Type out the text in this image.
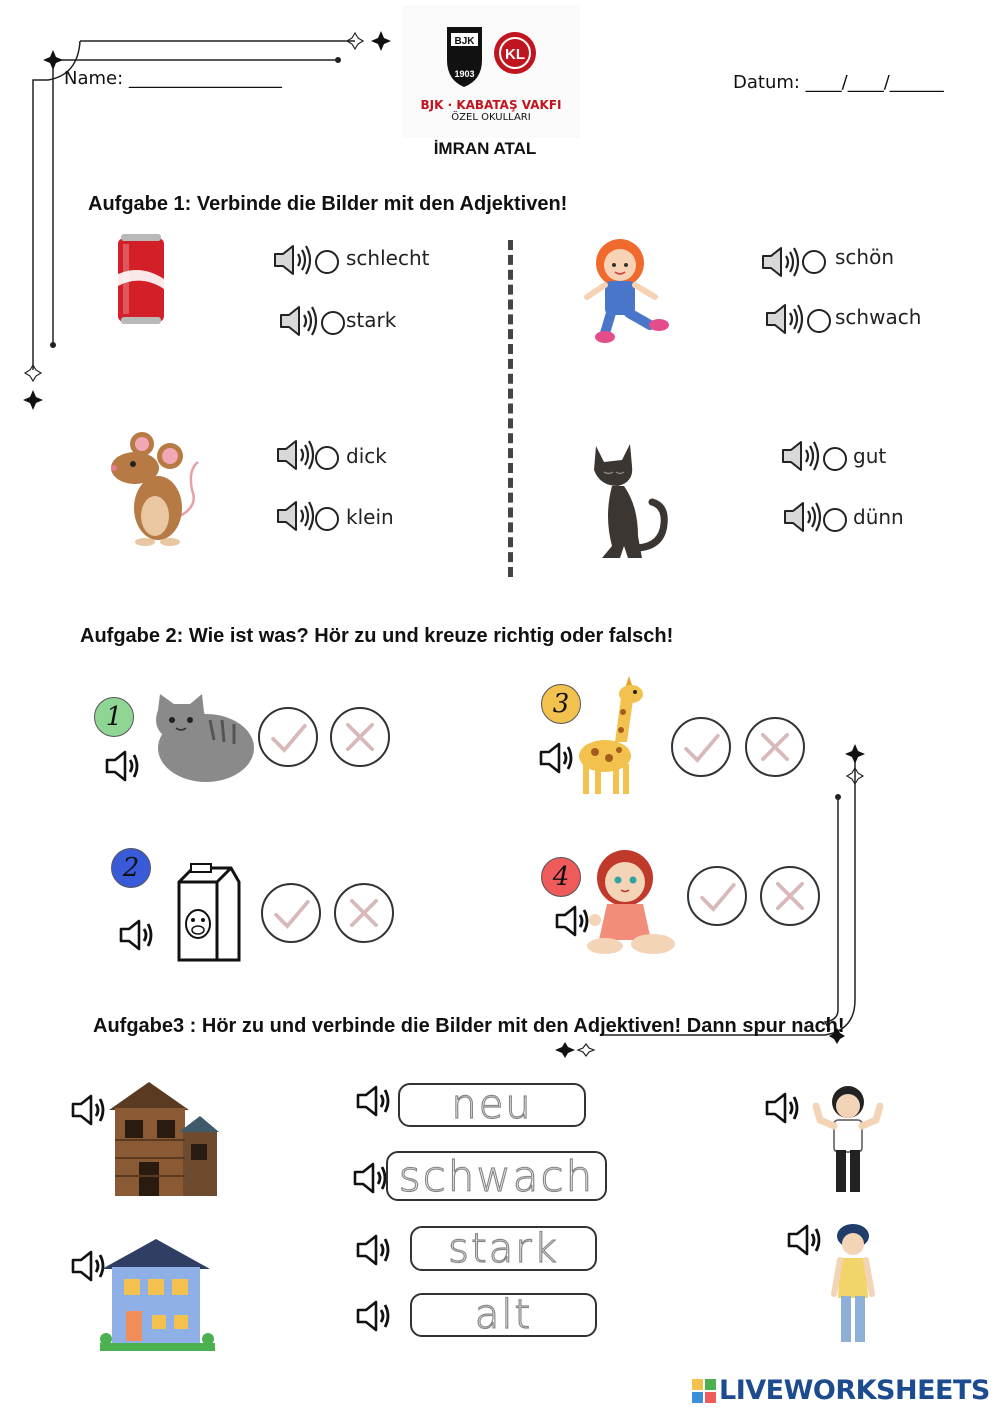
Name: _________________	Datum: ____/____/______
BJK
1903
KL
BJK · KABATAŞ VAKFI
ÖZEL OKULLARI
İMRAN ATAL
Aufgabe 1: Verbinde die Bilder mit den Adjektiven!
schlecht
stark
schön
schwach
dick
klein
gut
dünn
Aufgabe 2: Wie ist was? Hör zu und kreuze richtig oder falsch!
1	3
2	4
Aufgabe3 : Hör zu und verbinde die Bilder mit den Adjektiven! Dann spur nach!
neu
schwach
stark
alt
LIVEWORKSHEETS
